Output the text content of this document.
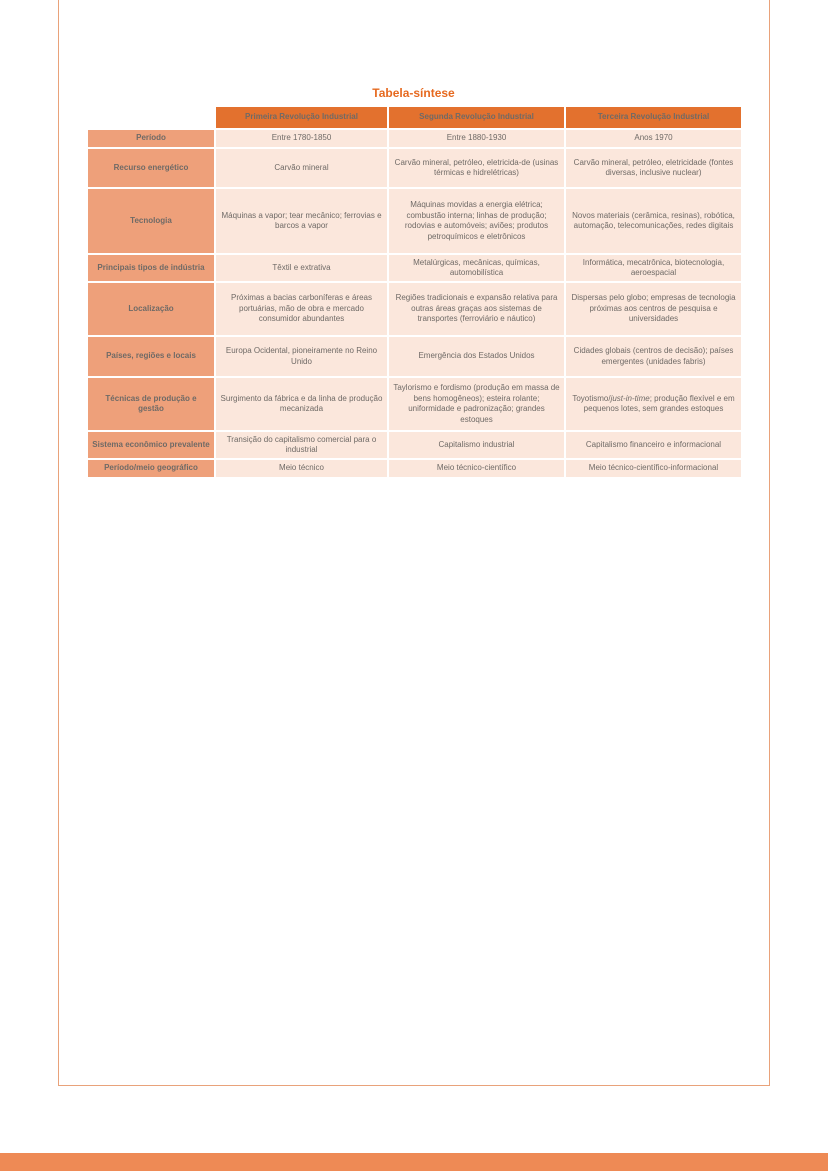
Tabela-síntese
	Primeira Revolução Industrial	Segunda Revolução Industrial	Terceira Revolução Industrial
Período	Entre 1780-1850	Entre 1880-1930	Anos 1970
Recurso energético	Carvão mineral	Carvão mineral, petróleo, eletricida-de (usinas térmicas e hidrelétricas)	Carvão mineral, petróleo, eletricidade (fontes diversas, inclusive nuclear)
Tecnologia	Máquinas a vapor; tear mecânico; ferrovias e barcos a vapor	Máquinas movidas a energia elétrica; combustão interna; linhas de produção; rodovias e automóveis; aviões; produtos petroquímicos e eletrônicos	Novos materiais (cerâmica, resinas), robótica, automação, telecomunicações, redes digitais
Principais tipos de indústria	Têxtil e extrativa	Metalúrgicas, mecânicas, químicas, automobilística	Informática, mecatrônica, biotecnologia, aeroespacial
Localização	Próximas a bacias carboníferas e áreas portuárias, mão de obra e mercado consumidor abundantes	Regiões tradicionais e expansão relativa para outras áreas graças aos sistemas de transportes (ferroviário e náutico)	Dispersas pelo globo; empresas de tecnologia próximas aos centros de pesquisa e universidades
Países, regiões e locais	Europa Ocidental, pioneiramente no Reino Unido	Emergência dos Estados Unidos	Cidades globais (centros de decisão); países emergentes (unidades fabris)
Técnicas de produção e gestão	Surgimento da fábrica e da linha de produção mecanizada	Taylorismo e fordismo (produção em massa de bens homogêneos); esteira rolante; uniformidade e padronização; grandes estoques	Toyotismo/just-in-time; produção flexível e em pequenos lotes, sem grandes estoques
Sistema econômico prevalente	Transição do capitalismo comercial para o industrial	Capitalismo industrial	Capitalismo financeiro e informacional
Período/meio geográfico	Meio técnico	Meio técnico-científico	Meio técnico-científico-informacional
